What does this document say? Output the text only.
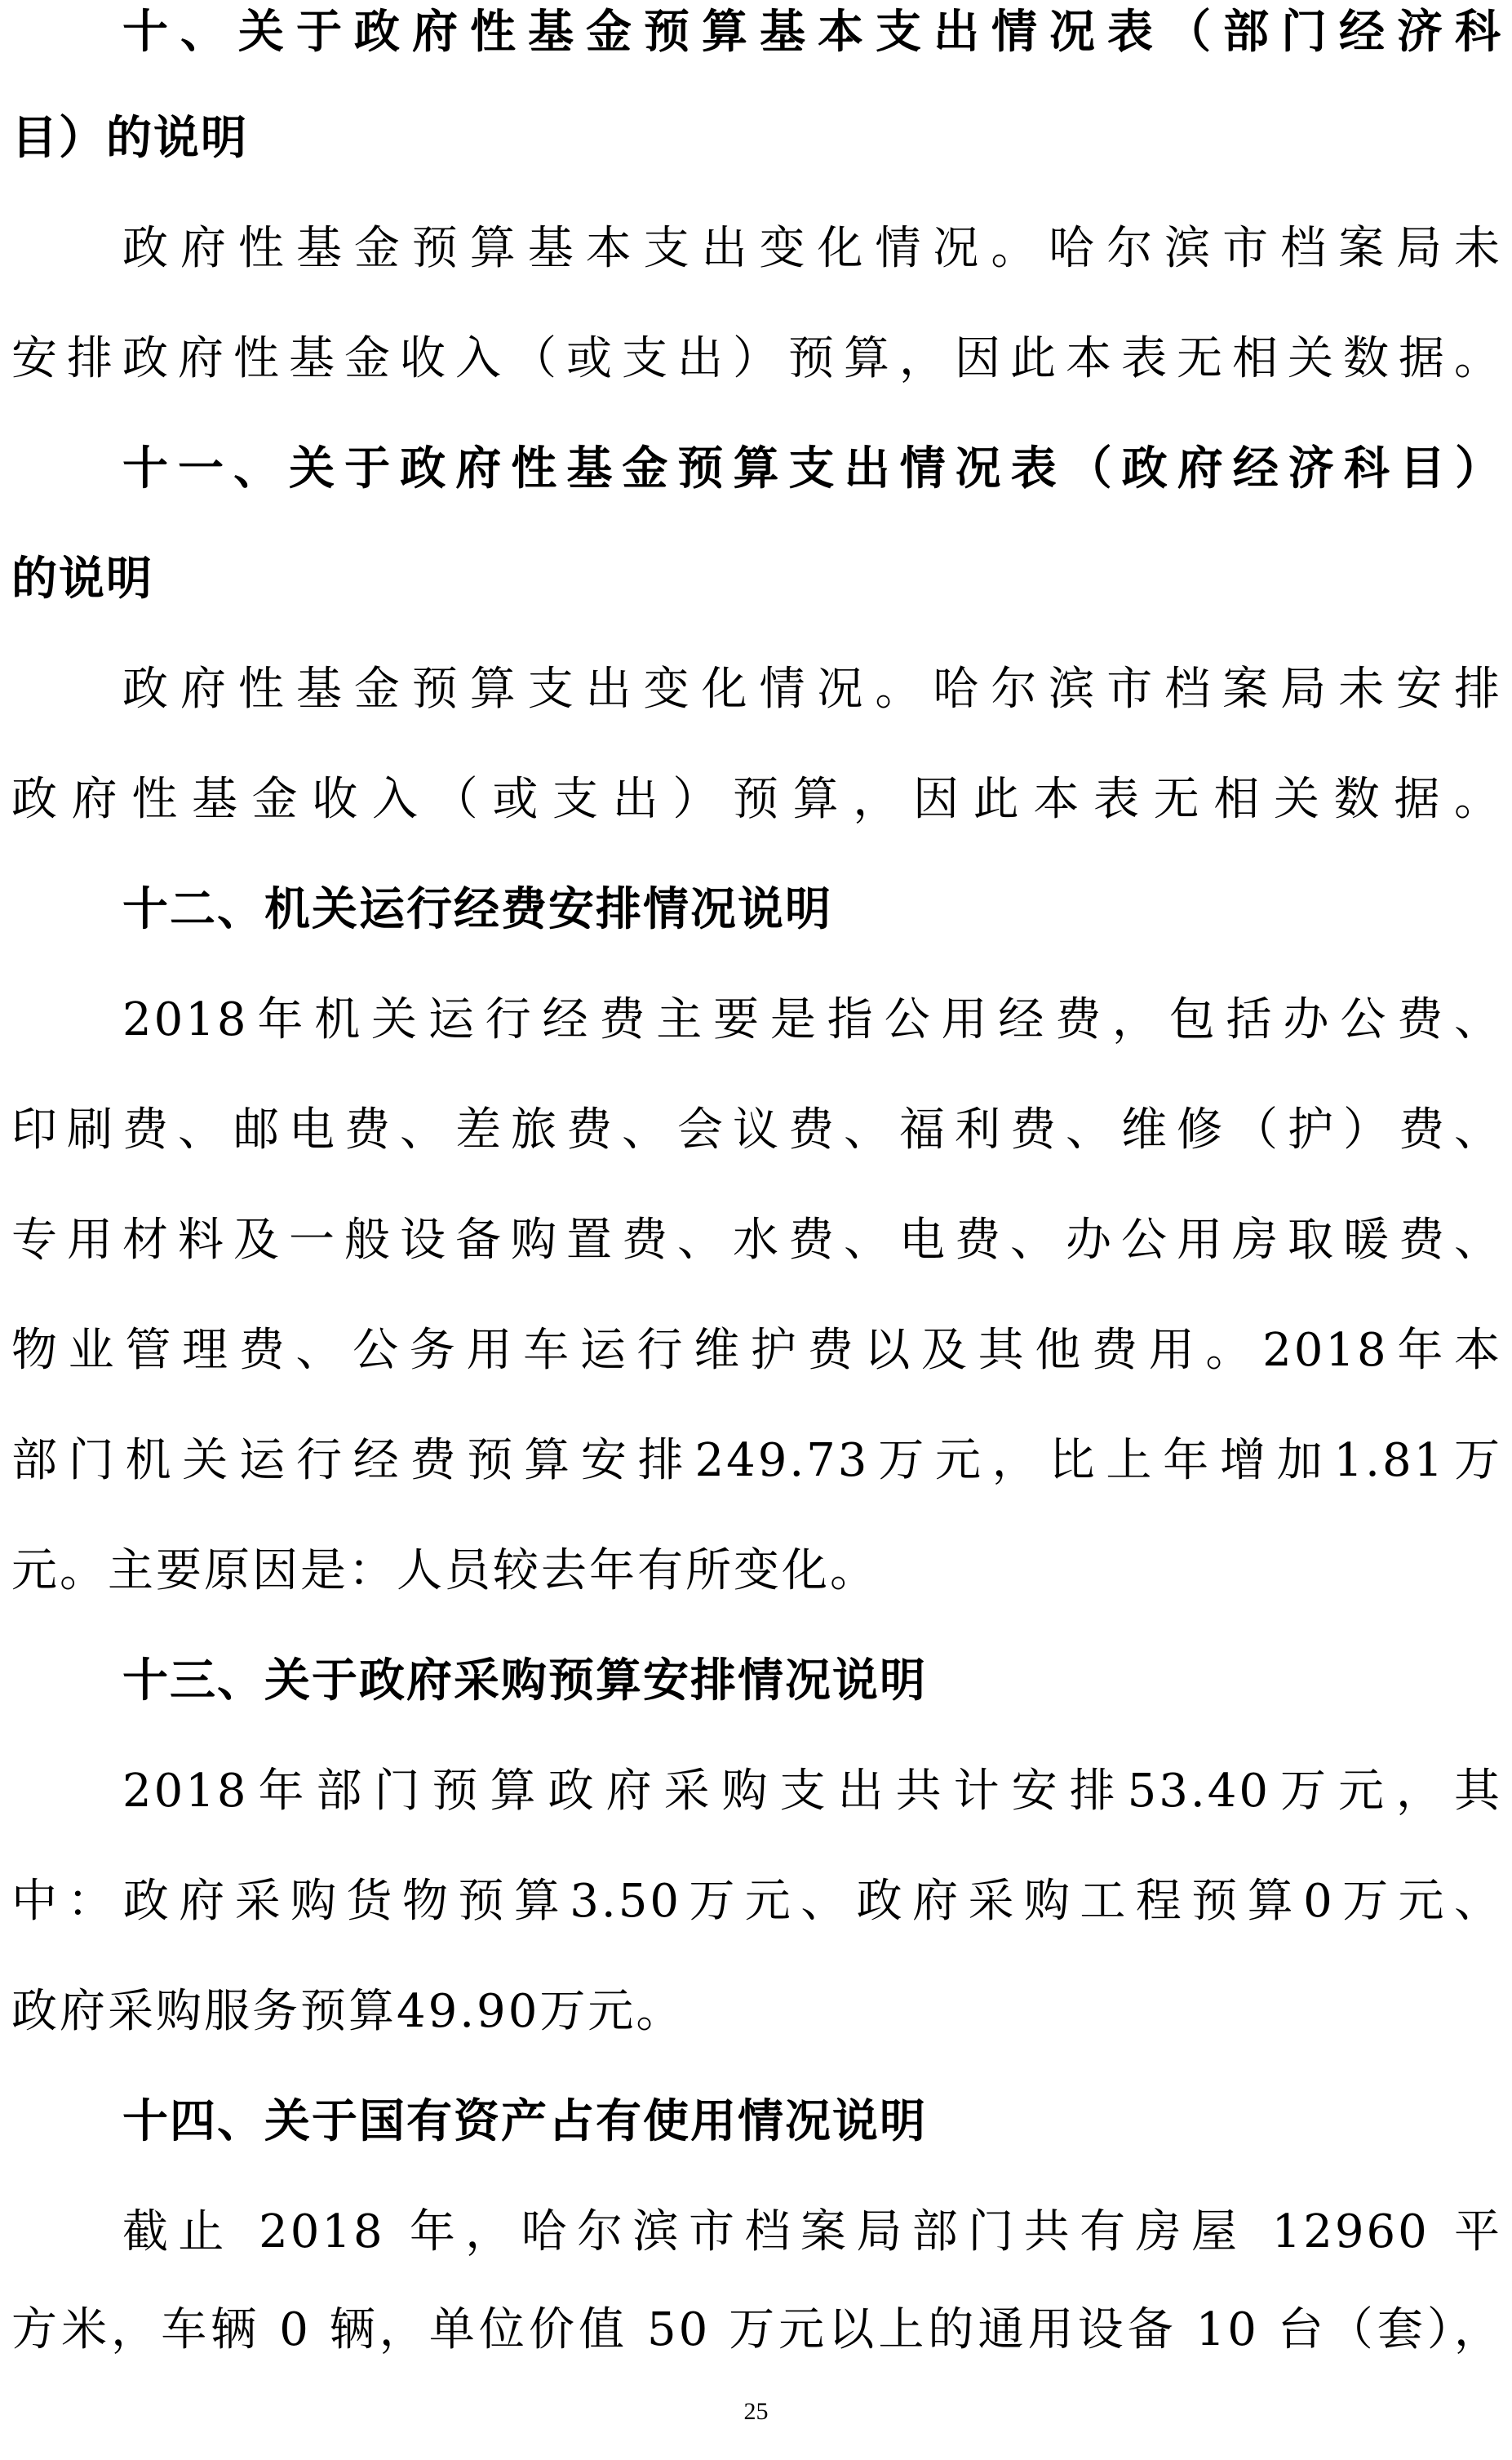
十、关于政府性基金预算基本支出情况表（部门经济科
目）的说明
政府性基金预算基本支出变化情况。哈尔滨市档案局未
安排政府性基金收入（或支出）预算，因此本表无相关数据。
十一、关于政府性基金预算支出情况表（政府经济科目）
的说明
政府性基金预算支出变化情况。哈尔滨市档案局未安排
政府性基金收入（或支出）预算，因此本表无相关数据。
十二、机关运行经费安排情况说明
2018年机关运行经费主要是指公用经费，包括办公费、
印刷费、邮电费、差旅费、会议费、福利费、维修（护）费、
专用材料及一般设备购置费、水费、电费、办公用房取暖费、
物业管理费、公务用车运行维护费以及其他费用。2018年本
部门机关运行经费预算安排249.73万元，比上年增加1.81万
元。主要原因是：人员较去年有所变化。
十三、关于政府采购预算安排情况说明
2018年部门预算政府采购支出共计安排53.40万元，其
中：政府采购货物预算3.50万元、政府采购工程预算0万元、
政府采购服务预算49.90万元。
十四、关于国有资产占有使用情况说明
截止 2018 年，哈尔滨市档案局部门共有房屋 12960 平
方米，车辆 0 辆，单位价值 50 万元以上的通用设备 10 台（套），
25
